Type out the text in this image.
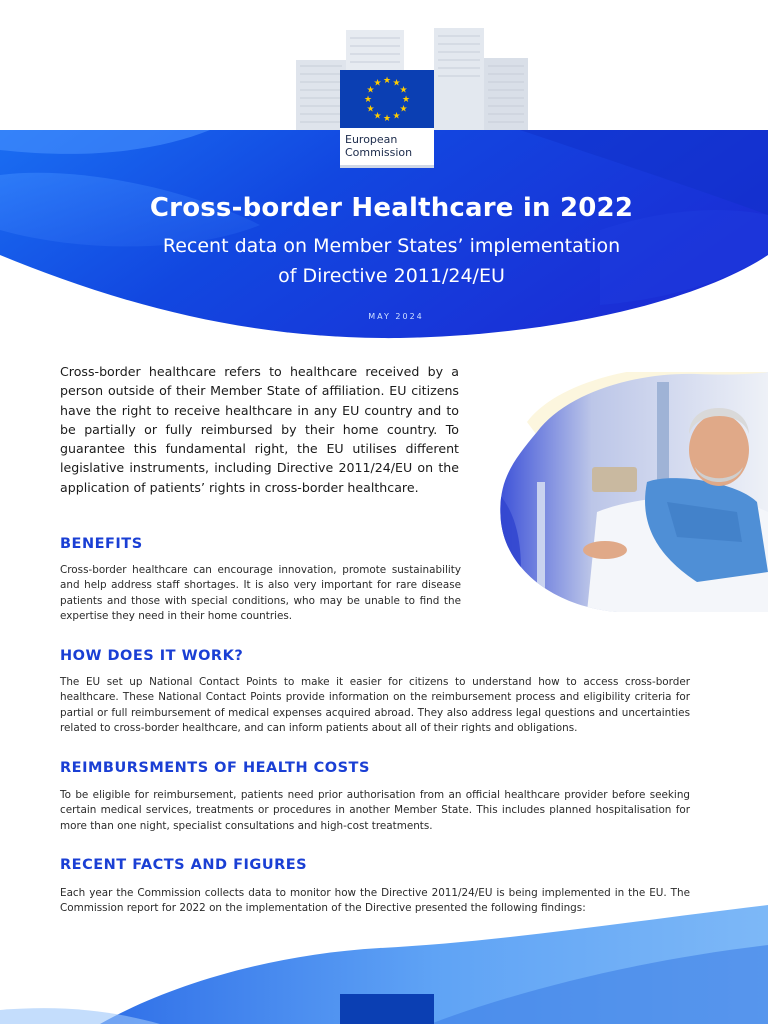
★ ★
★
★
★
★
★
★
★
★
★
★
European
Commission
Cross-border Healthcare in 2022
Recent data on Member States’ implementation
of Directive 2011/24/EU
MAY 2024

Cross-border healthcare refers to healthcare received by a person outside of their Member State of affiliation. EU citizens have the right to receive healthcare in any EU country and to be partially or fully reimbursed by their home country. To guarantee this fundamental right, the EU utilises different legislative instruments, including Directive 2011/24/EU on the application of patients’ rights in cross-border healthcare.

BENEFITS

Cross-border healthcare can encourage innovation, promote sustainability and help address staff shortages. It is also very important for rare disease patients and those with special conditions, who may be unable to find the expertise they need in their home countries.

HOW DOES IT WORK?

The EU set up National Contact Points to make it easier for citizens to understand how to access cross-border healthcare. These National Contact Points provide information on the reimbursement process and eligibility criteria for partial or full reimbursement of medical expenses acquired abroad. They also address legal questions and uncertainties related to cross-border healthcare, and can inform patients about all of their rights and obligations.

REIMBURSMENTS OF HEALTH COSTS

To be eligible for reimbursement, patients need prior authorisation from an official healthcare provider before seeking certain medical services, treatments or procedures in another Member State. This includes planned hospitalisation for more than one night, specialist consultations and high-cost treatments.

RECENT FACTS AND FIGURES

Each year the Commission collects data to monitor how the Directive 2011/24/EU is being implemented in the EU. The Commission report for 2022 on the implementation of the Directive presented the following findings:
